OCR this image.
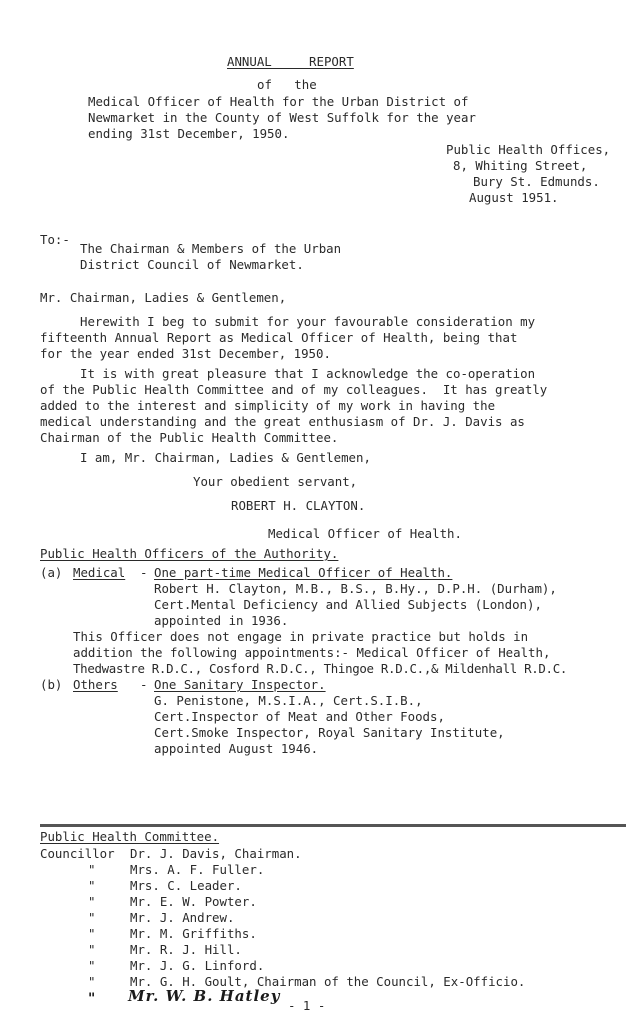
ANNUAL     REPORT
of   the
Medical Officer of Health for the Urban District of
Newmarket in the County of West Suffolk for the year
ending 31st December, 1950.
Public Health Offices,
8, Whiting Street,
Bury St. Edmunds.
August 1951.
To:-
The Chairman & Members of the Urban
District Council of Newmarket.
Mr. Chairman, Ladies & Gentlemen,
Herewith I beg to submit for your favourable consideration my
fifteenth Annual Report as Medical Officer of Health, being that
for the year ended 31st December, 1950.
It is with great pleasure that I acknowledge the co-operation
of the Public Health Committee and of my colleagues.  It has greatly
added to the interest and simplicity of my work in having the
medical understanding and the great enthusiasm of Dr. J. Davis as
Chairman of the Public Health Committee.
I am, Mr. Chairman, Ladies & Gentlemen,
Your obedient servant,
ROBERT H. CLAYTON.
Medical Officer of Health.
Public Health Officers of the Authority.
(a) Medical - One part-time Medical Officer of Health.
Robert H. Clayton, M.B., B.S., B.Hy., D.P.H. (Durham),
Cert.Mental Deficiency and Allied Subjects (London),
appointed in 1936.
This Officer does not engage in private practice but holds in
addition the following appointments:- Medical Officer of Health,
Thedwastre R.D.C., Cosford R.D.C., Thingoe R.D.C.,& Mildenhall R.D.C.
(b) Others - One Sanitary Inspector.
G. Penistone, M.S.I.A., Cert.S.I.B.,
Cert.Inspector of Meat and Other Foods,
Cert.Smoke Inspector, Royal Sanitary Institute,
appointed August 1946.
Public Health Committee.
Councillor Dr. J. Davis, Chairman.
"	Mrs. A. F. Fuller.
"	Mrs. C. Leader.
"	Mr. E. W. Powter.
"	Mr. J. Andrew.
"	Mr. M. Griffiths.
"	Mr. R. J. Hill.
"	Mr. J. G. Linford.
"	Mr. G. H. Goult, Chairman of the Council, Ex-Officio.
" Mr. W. B. Hatley
- 1 -
